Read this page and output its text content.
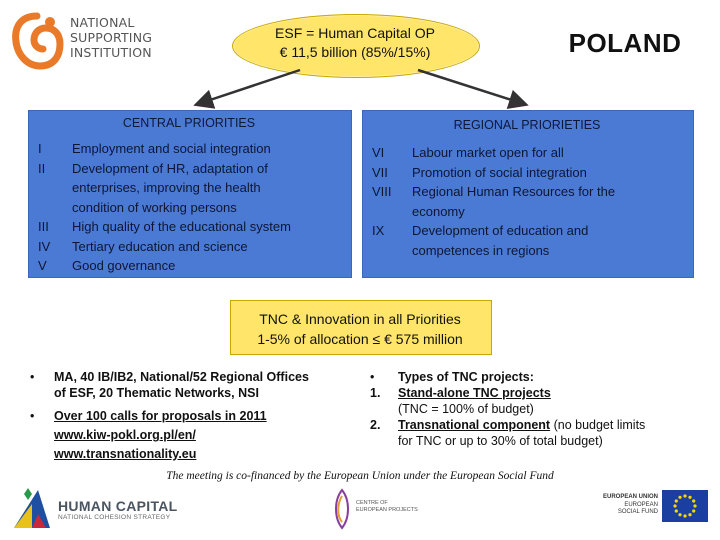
NATIONAL
SUPPORTING
INSTITUTION
ESF = Human Capital OP
€ 11,5 billion (85%/15%)	POLAND
CENTRAL PRIORITIES
I Employment and social integration
II Development of HR, adaptation of
enterprises, improving the health
condition of working persons
III High quality of the educational system
IV Tertiary education and science
V Good governance
REGIONAL PRIORIETIES
VI Labour market open for all
VII Promotion of social integration
VIII Regional Human Resources for the
economy
IX Development of education and
competences in regions
TNC & Innovation in all Priorities
1-5% of allocation ≤ € 575 million
• MA, 40 IB/IB2, National/52 Regional Offices
of ESF, 20 Thematic Networks, NSI
• Over 100 calls for proposals in 2011
www.kiw-pokl.org.pl/en/
www.transnationality.eu
• Types of TNC projects:
1. Stand-alone TNC projects
(TNC = 100% of budget)
2. Transnational component (no budget limits
for TNC or up to 30% of total budget)
The meeting is co-financed by the European Union under the European Social Fund
HUMAN CAPITAL
NATIONAL COHESION STRATEGY
CENTRE OF
EUROPEAN PROJECTS
EUROPEAN UNION
EUROPEAN
SOCIAL FUND
